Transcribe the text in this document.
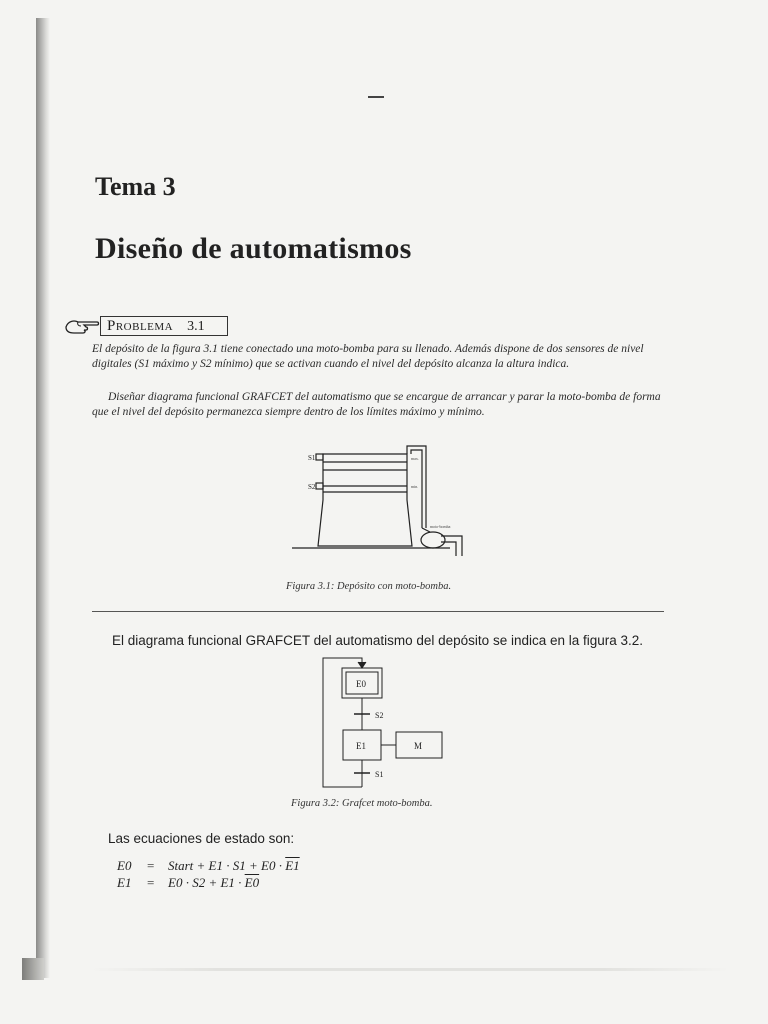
Tema 3
Diseño de automatismos
Problema 3.1

El depósito de la figura 3.1 tiene conectado una moto-bomba para su llenado. Además dispone de dos sensores de nivel digitales (S1 máximo y S2 mínimo) que se activan cuando el nivel del depósito alcanza la altura indica.

Diseñar diagrama funcional GRAFCET del automatismo que se encargue de arrancar y parar la moto-bomba de forma que el nivel del depósito permanezca siempre dentro de los límites máximo y mínimo.

S1
S2
max.
min.
moto-bomba
Figura 3.1: Depósito con moto-bomba.
El diagrama funcional GRAFCET del automatismo del depósito se indica en la figura 3.2.
E0
E1
S2
S1
M
Figura 3.2: Grafcet moto-bomba.
Las ecuaciones de estado son:
E0 = Start + E1 · S1 + E0 · E1
E1 = E0 · S2 + E1 · E0
